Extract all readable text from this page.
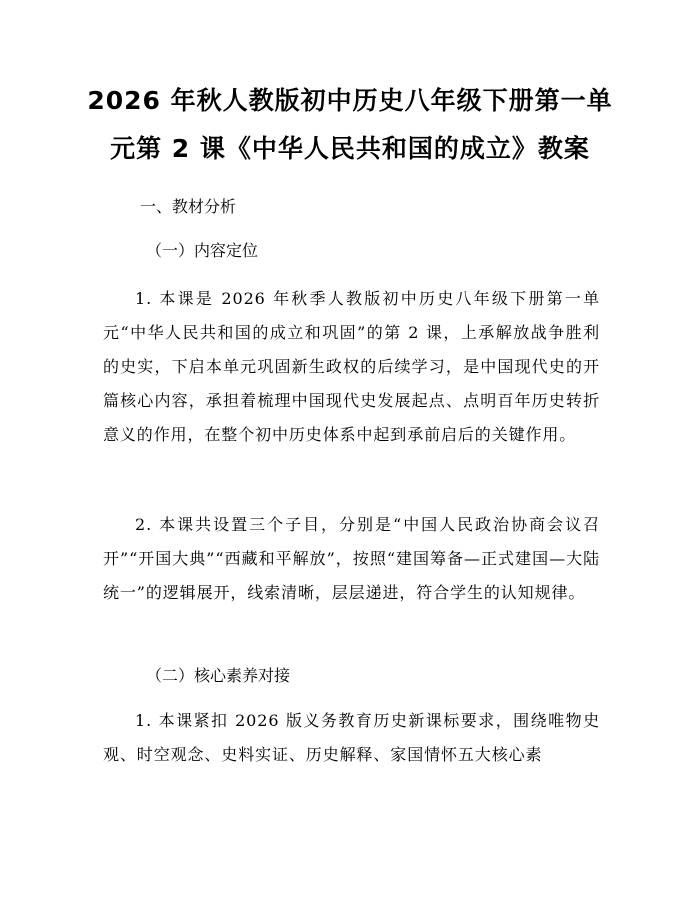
2026 年秋人教版初中历史八年级下册第一单
元第 2 课《中华人民共和国的成立》教案
一、教材分析
（一）内容定位
1. 本课是 2026 年秋季人教版初中历史八年级下册第一单元“中华人民共和国的成立和巩固”的第 2 课，上承解放战争胜利的史实，下启本单元巩固新生政权的后续学习，是中国现代史的开篇核心内容，承担着梳理中国现代史发展起点、点明百年历史转折意义的作用，在整个初中历史体系中起到承前启后的关键作用。
2. 本课共设置三个子目，分别是“中国人民政治协商会议召开”“开国大典”“西藏和平解放”，按照“建国筹备—正式建国—大陆统一”的逻辑展开，线索清晰，层层递进，符合学生的认知规律。
（二）核心素养对接
1. 本课紧扣 2026 版义务教育历史新课标要求，围绕唯物史观、时空观念、史料实证、历史解释、家国情怀五大核心素
